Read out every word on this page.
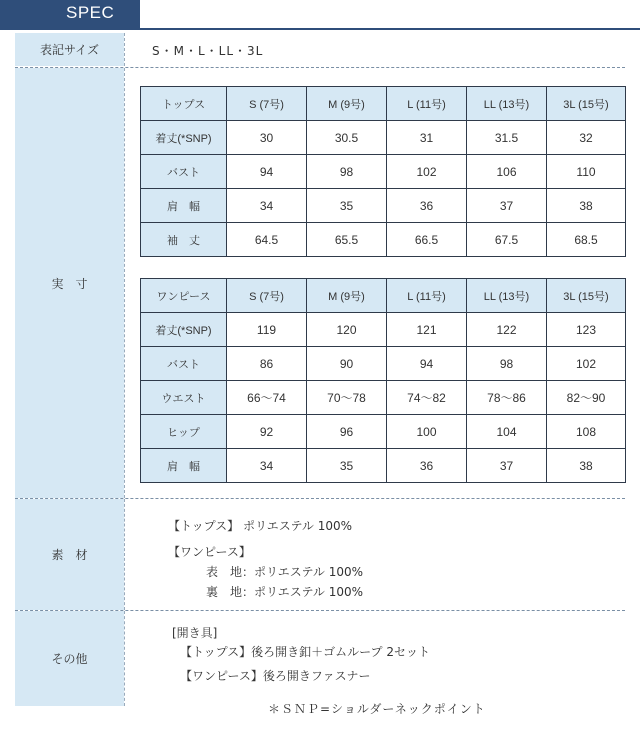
SPEC
表記サイズ	S・M・L・LL・3L
実　寸
トップス	S (7号)	M (9号)	L (11号)	LL (13号)	3L (15号)
着丈(*SNP)	30	30.5	31	31.5	32
バスト	94	98	102	106	110
肩　幅	34	35	36	37	38
袖　丈	64.5	65.5	66.5	67.5	68.5
ワンピース	S (7号)	M (9号)	L (11号)	LL (13号)	3L (15号)
着丈(*SNP)	119	120	121	122	123
バスト	86	90	94	98	102
ウエスト	66～74	70～78	74～82	78～86	82～90
ヒップ	92	96	100	104	108
肩　幅	34	35	36	37	38
素　材
【トップス】 ポリエステル 100%
【ワンピース】
表　地：ポリエステル 100%
裏　地：ポリエステル 100%
その他
[開き具]
【トップス】後ろ開き釦＋ゴムループ 2セット
【ワンピース】後ろ開きファスナー
＊ＳＮＰ=ショルダーネックポイント
